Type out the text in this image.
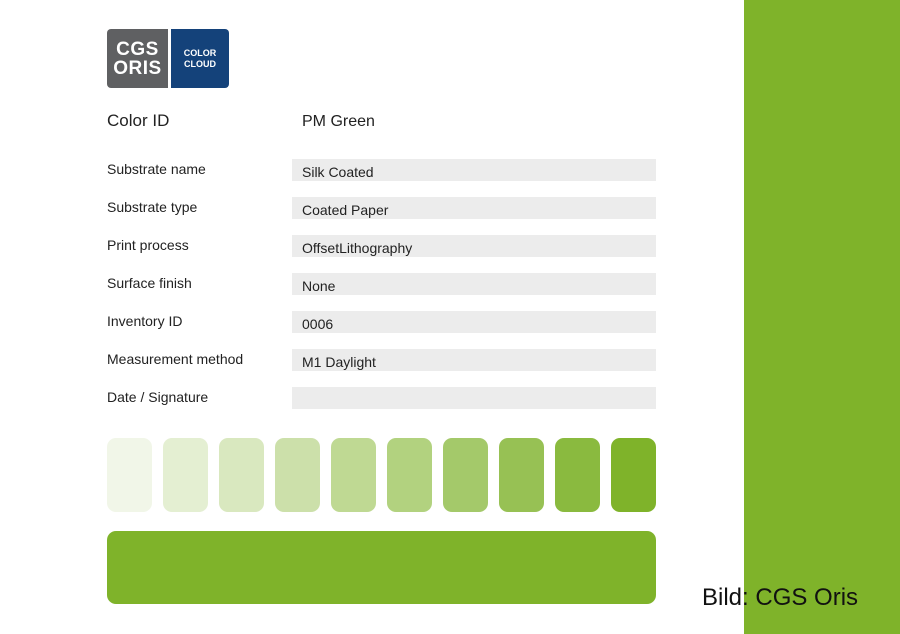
CGS
ORIS
COLOR
CLOUD
Color ID	PM Green
Substrate name	Silk Coated
Substrate type	Coated Paper
Print process	OffsetLithography
Surface finish	None
Inventory ID	0006
Measurement method	M1 Daylight
Date / Signature
Bild: CGS Oris
